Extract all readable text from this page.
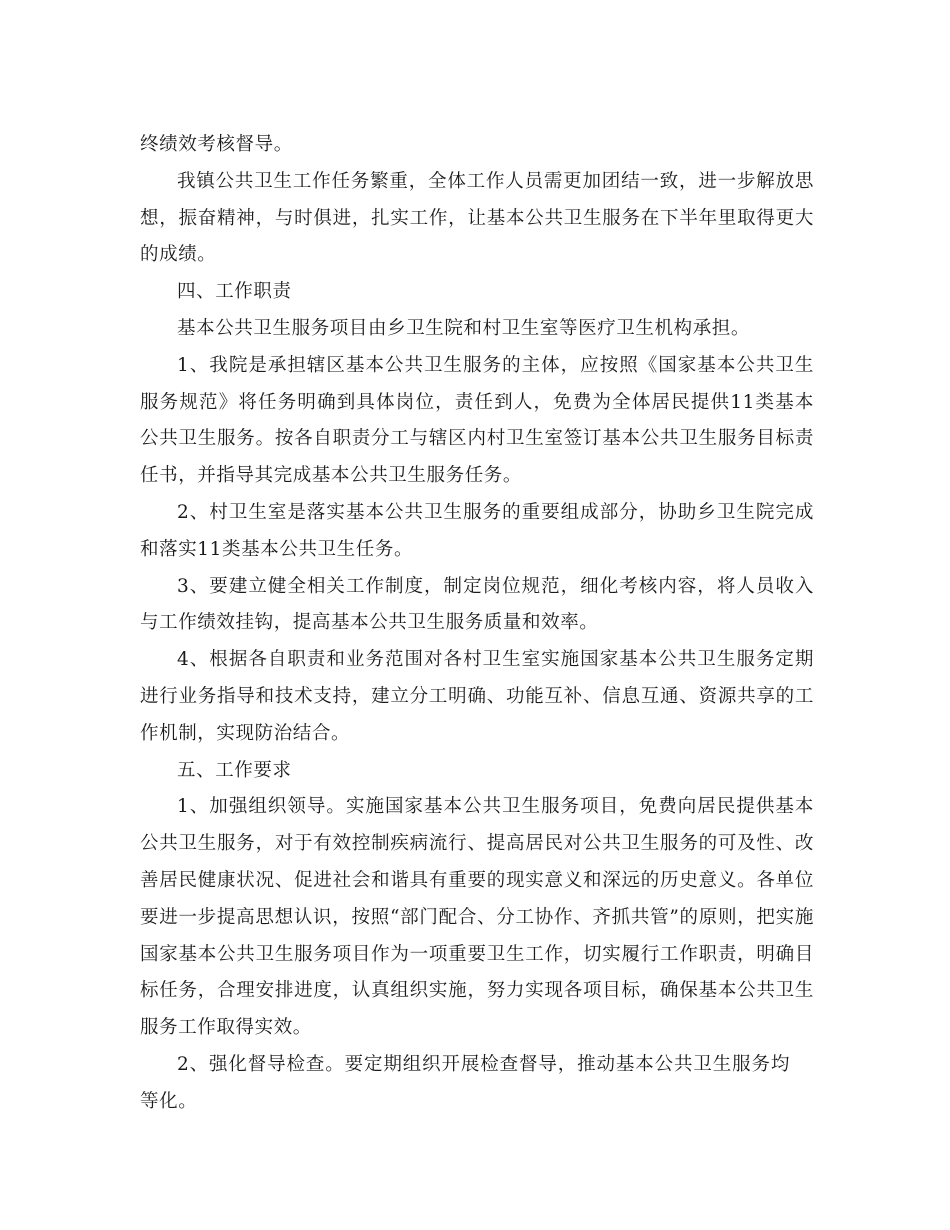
终绩效考核督导。

我镇公共卫生工作任务繁重，全体工作人员需更加团结一致，进一步解放思想，振奋精神，与时俱进，扎实工作，让基本公共卫生服务在下半年里取得更大的成绩。

四、工作职责

基本公共卫生服务项目由乡卫生院和村卫生室等医疗卫生机构承担。

1、我院是承担辖区基本公共卫生服务的主体，应按照《国家基本公共卫生服务规范》将任务明确到具体岗位，责任到人，免费为全体居民提供11类基本公共卫生服务。按各自职责分工与辖区内村卫生室签订基本公共卫生服务目标责任书，并指导其完成基本公共卫生服务任务。

2、村卫生室是落实基本公共卫生服务的重要组成部分，协助乡卫生院完成和落实11类基本公共卫生任务。

3、要建立健全相关工作制度，制定岗位规范，细化考核内容，将人员收入与工作绩效挂钩，提高基本公共卫生服务质量和效率。

4、根据各自职责和业务范围对各村卫生室实施国家基本公共卫生服务定期进行业务指导和技术支持，建立分工明确、功能互补、信息互通、资源共享的工作机制，实现防治结合。

五、工作要求

1、加强组织领导。实施国家基本公共卫生服务项目，免费向居民提供基本公共卫生服务，对于有效控制疾病流行、提高居民对公共卫生服务的可及性、改善居民健康状况、促进社会和谐具有重要的现实意义和深远的历史意义。各单位要进一步提高思想认识，按照“部门配合、分工协作、齐抓共管”的原则，把实施国家基本公共卫生服务项目作为一项重要卫生工作，切实履行工作职责，明确目标任务，合理安排进度，认真组织实施，努力实现各项目标，确保基本公共卫生服务工作取得实效。

2、强化督导检查。要定期组织开展检查督导，推动基本公共卫生服务均等化。
